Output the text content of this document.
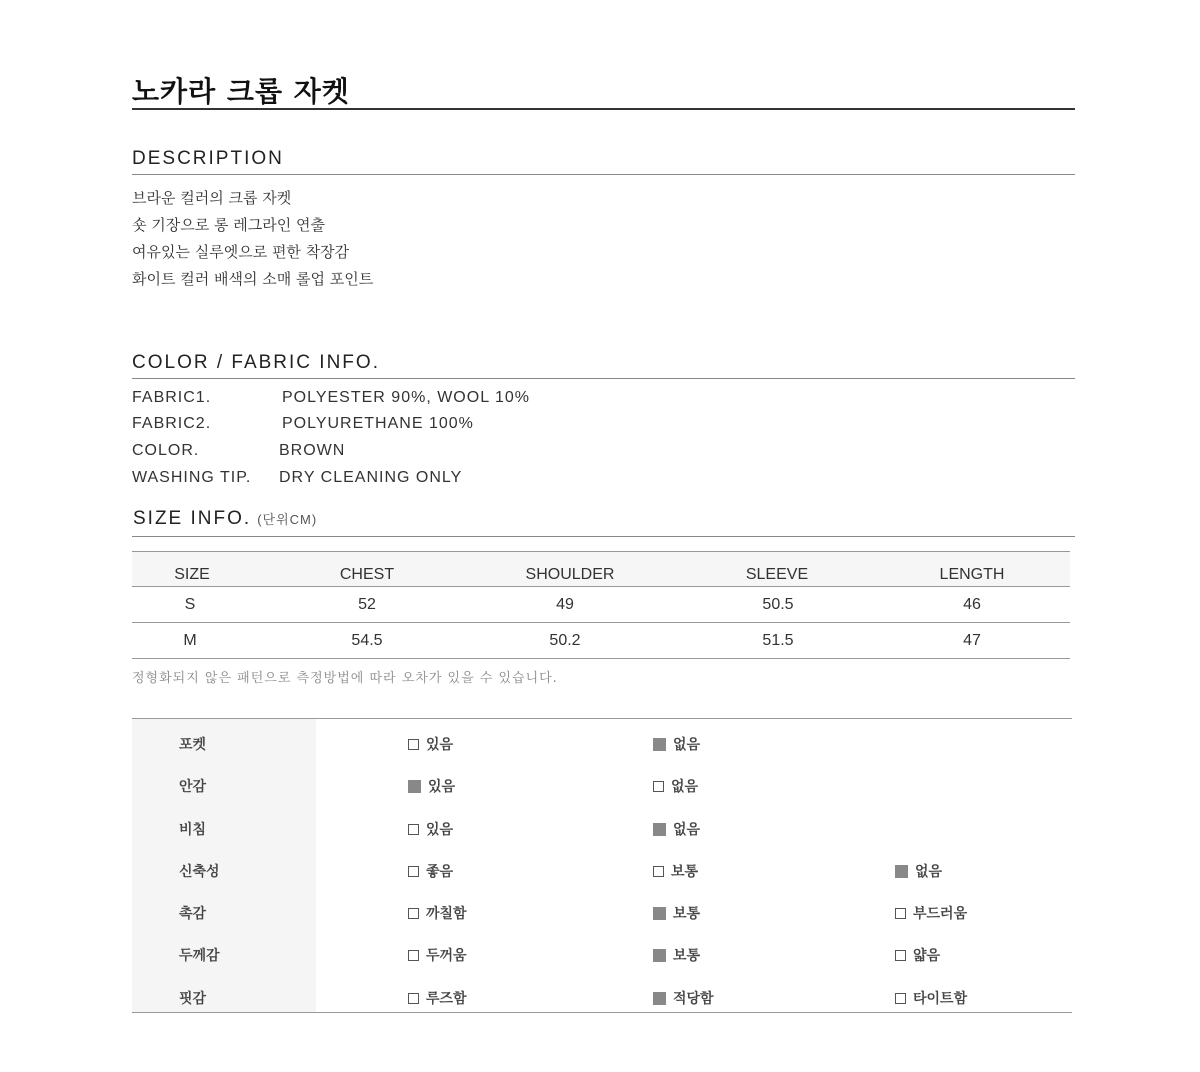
노카라 크롭 자켓
DESCRIPTION
브라운 컬러의 크롭 자켓
숏 기장으로 롱 레그라인 연출
여유있는 실루엣으로 편한 착장감
화이트 컬러 배색의 소매 롤업 포인트
COLOR / FABRIC INFO.
FABRIC1.	POLYESTER 90%, WOOL 10%
FABRIC2.	POLYURETHANE 100%
COLOR.	BROWN
WASHING TIP. DRY CLEANING ONLY
SIZE INFO. (단위CM)
SIZE	CHEST	SHOULDER	SLEEVE	LENGTH
S	52	49	50.5	46
M	54.5	50.2	51.5	47
정형화되지 않은 패턴으로 측정방법에 따라 오차가 있을 수 있습니다.
포켓	있음	없음
안감	있음	없음
비침	있음	없음
신축성	좋음	보통	없음
촉감	까칠함	보통	부드러움
두께감	두꺼움	보통	얇음
핏감	루즈함	적당함	타이트함
